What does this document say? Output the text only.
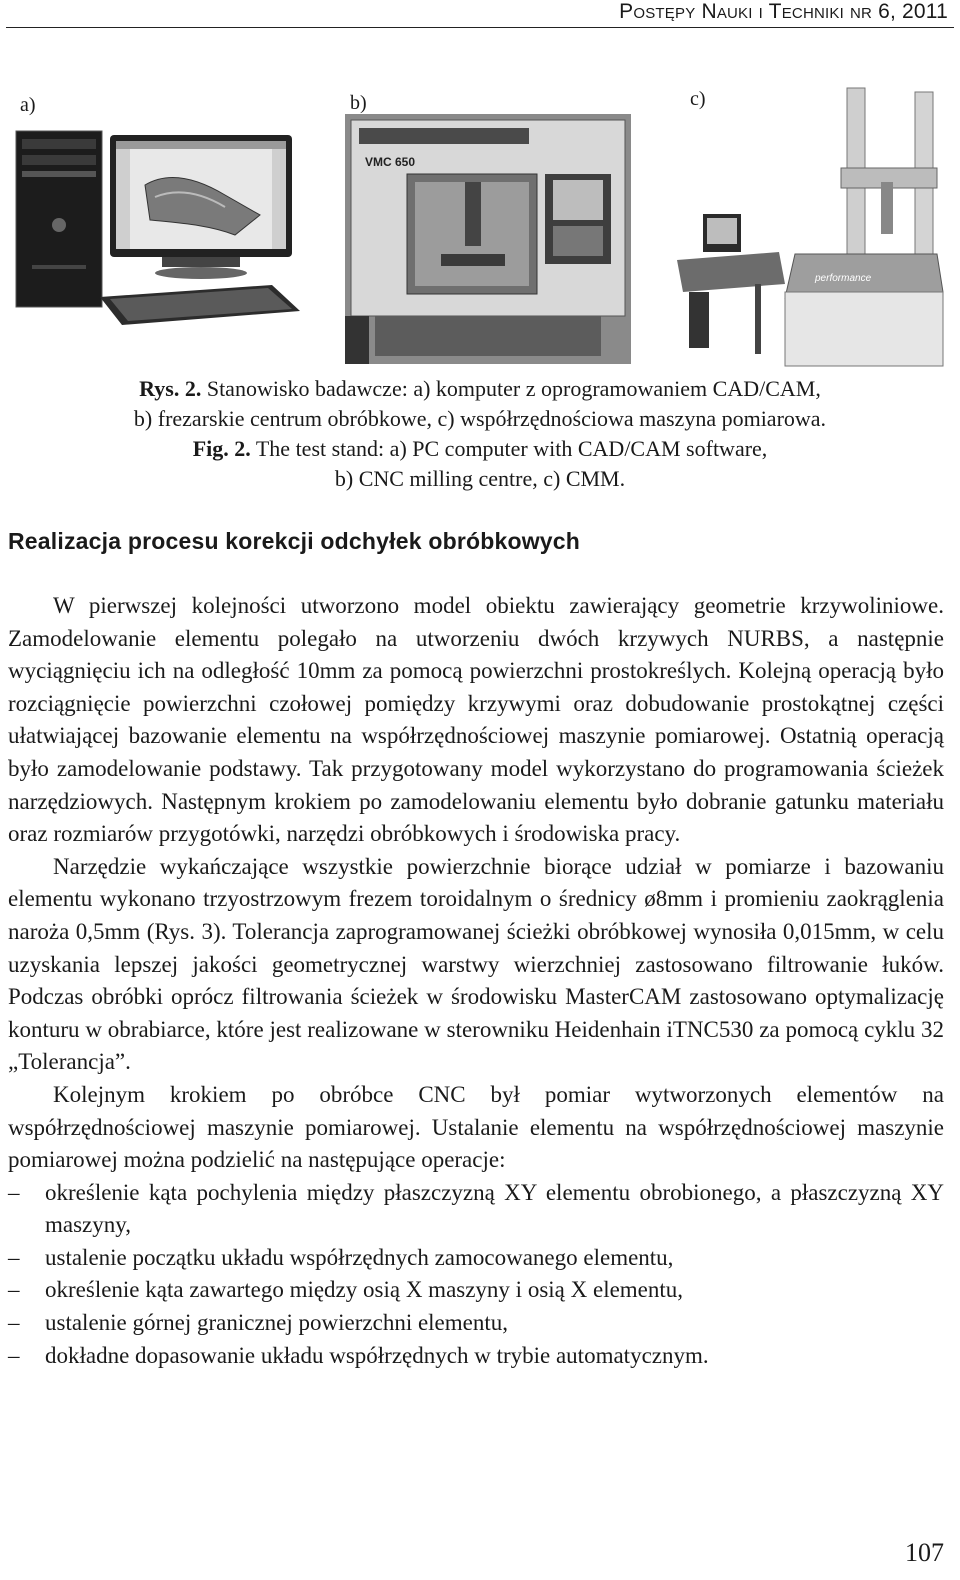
Postępy Nauki i Techniki nr 6, 2011
a)	b)	c)
VMC 650
performance
Rys. 2. Stanowisko badawcze: a) komputer z oprogramowaniem CAD/CAM,
b) frezarskie centrum obróbkowe, c) współrzędnościowa maszyna pomiarowa.
Fig. 2. The test stand: a) PC computer with CAD/CAM software,
b) CNC milling centre, c) CMM.
Realizacja procesu korekcji odchyłek obróbkowych

W pierwszej kolejności utworzono model obiektu zawierający geometrie krzywoliniowe. Zamodelowanie elementu polegało na utworzeniu dwóch krzywych NURBS, a następnie wyciągnięciu ich na odległość 10mm za pomocą powierzchni prostokreślych. Kolejną operacją było rozciągnięcie powierzchni czołowej pomiędzy krzywymi oraz dobudowanie prostokątnej części ułatwiającej bazowanie elementu na współrzędnościowej maszynie pomiarowej. Ostatnią operacją było zamodelowanie podstawy. Tak przygotowany model wykorzystano do programowania ścieżek narzędziowych. Następnym krokiem po zamodelowaniu elementu było dobranie gatunku materiału oraz rozmiarów przygotówki, narzędzi obróbkowych i środowiska pracy.

Narzędzie wykańczające wszystkie powierzchnie biorące udział w pomiarze i bazowaniu elementu wykonano trzyostrzowym frezem toroidalnym o średnicy ø8mm i promieniu zaokrąglenia naroża 0,5mm (Rys. 3). Tolerancja zaprogramowanej ścieżki obróbkowej wynosiła 0,015mm, w celu uzyskania lepszej jakości geometrycznej warstwy wierzchniej zastosowano filtrowanie łuków. Podczas obróbki oprócz filtrowania ścieżek w środowisku MasterCAM zastosowano optymalizację konturu w obrabiarce, które jest realizowane w sterowniku Heidenhain iTNC530 za pomocą cyklu 32 „Tolerancja”.

Kolejnym krokiem po obróbce CNC był pomiar wytworzonych elementów na współrzędnościowej maszynie pomiarowej. Ustalanie elementu na współrzędnościowej maszynie pomiarowej można podzielić na następujące operacje:

– określenie kąta pochylenia między płaszczyzną XY elementu obrobionego, a płaszczyzną XY maszyny,
– ustalenie początku układu współrzędnych zamocowanego elementu,
– określenie kąta zawartego między osią X maszyny i osią X elementu,
– ustalenie górnej granicznej powierzchni elementu,
– dokładne dopasowanie układu współrzędnych w trybie automatycznym.
107
